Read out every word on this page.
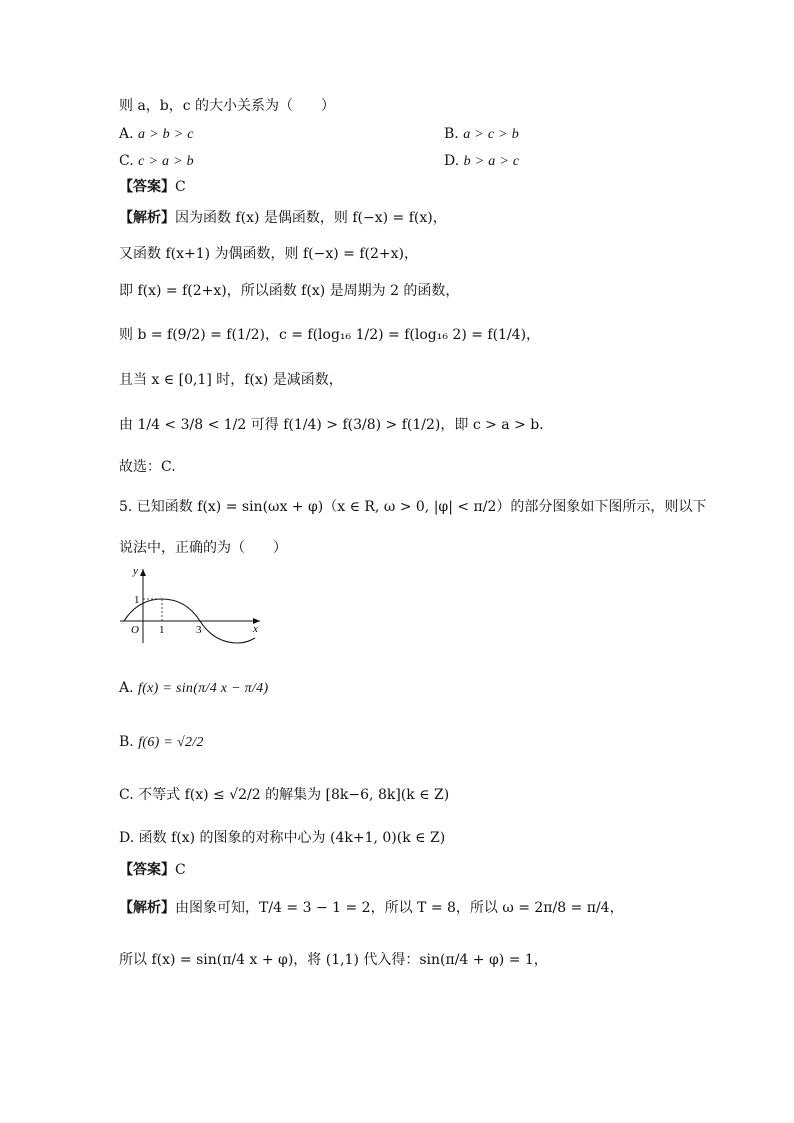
则 a，b，c 的大小关系为（　　）
A. a > b > c	B. a > c > b
C. c > a > b	D. b > a > c
【答案】C
【解析】因为函数 f(x) 是偶函数，则 f(−x) = f(x)，
又函数 f(x+1) 为偶函数，则 f(−x) = f(2+x)，
即 f(x) = f(2+x)，所以函数 f(x) 是周期为 2 的函数，
则 b = f(9/2) = f(1/2)，c = f(log₁₆ 1/2) = f(log₁₆ 2) = f(1/4)，
且当 x ∈ [0,1] 时，f(x) 是减函数，
由 1/4 < 3/8 < 1/2 可得 f(1/4) > f(3/8) > f(1/2)，即 c > a > b．
故选：C.
5. 已知函数 f(x) = sin(ωx + φ)（x ∈ R, ω > 0, |φ| < π/2）的部分图象如下图所示，则以下
说法中，正确的为（　　）
y
x
O 1	3
1
A. f(x) = sin(π/4 x − π/4)
B. f(6) = √2/2
C. 不等式 f(x) ≤ √2/2 的解集为 [8k−6, 8k](k ∈ Z)
D. 函数 f(x) 的图象的对称中心为 (4k+1, 0)(k ∈ Z)
【答案】C
【解析】由图象可知，T/4 = 3 − 1 = 2，所以 T = 8，所以 ω = 2π/8 = π/4，
所以 f(x) = sin(π/4 x + φ)，将 (1,1) 代入得：sin(π/4 + φ) = 1，
